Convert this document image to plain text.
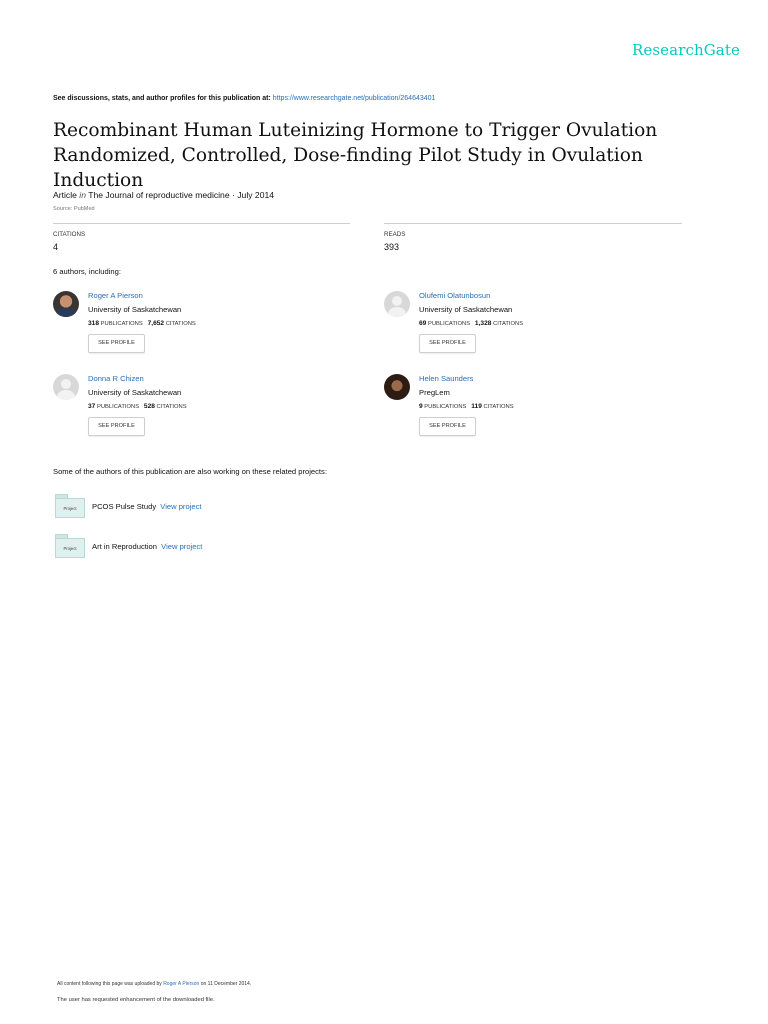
ResearchGate
See discussions, stats, and author profiles for this publication at: https://www.researchgate.net/publication/264643401
Recombinant Human Luteinizing Hormone to Trigger Ovulation
Randomized, Controlled, Dose-finding Pilot Study in Ovulation Induction
Article in The Journal of reproductive medicine · July 2014
Source: PubMed
CITATIONS
4
READS
393
6 authors, including:
Roger A Pierson
University of Saskatchewan
318 PUBLICATIONS 7,652 CITATIONS
SEE PROFILE
Olufemi Olatunbosun
University of Saskatchewan
69 PUBLICATIONS 1,328 CITATIONS
SEE PROFILE
Donna R Chizen
University of Saskatchewan
37 PUBLICATIONS 528 CITATIONS
SEE PROFILE
Helen Saunders
PregLem
9 PUBLICATIONS 119 CITATIONS
SEE PROFILE
Some of the authors of this publication are also working on these related projects:
Project	PCOS Pulse Study View project
Project	Art in Reproduction View project
All content following this page was uploaded by Roger A Pierson on 11 December 2014.
The user has requested enhancement of the downloaded file.
